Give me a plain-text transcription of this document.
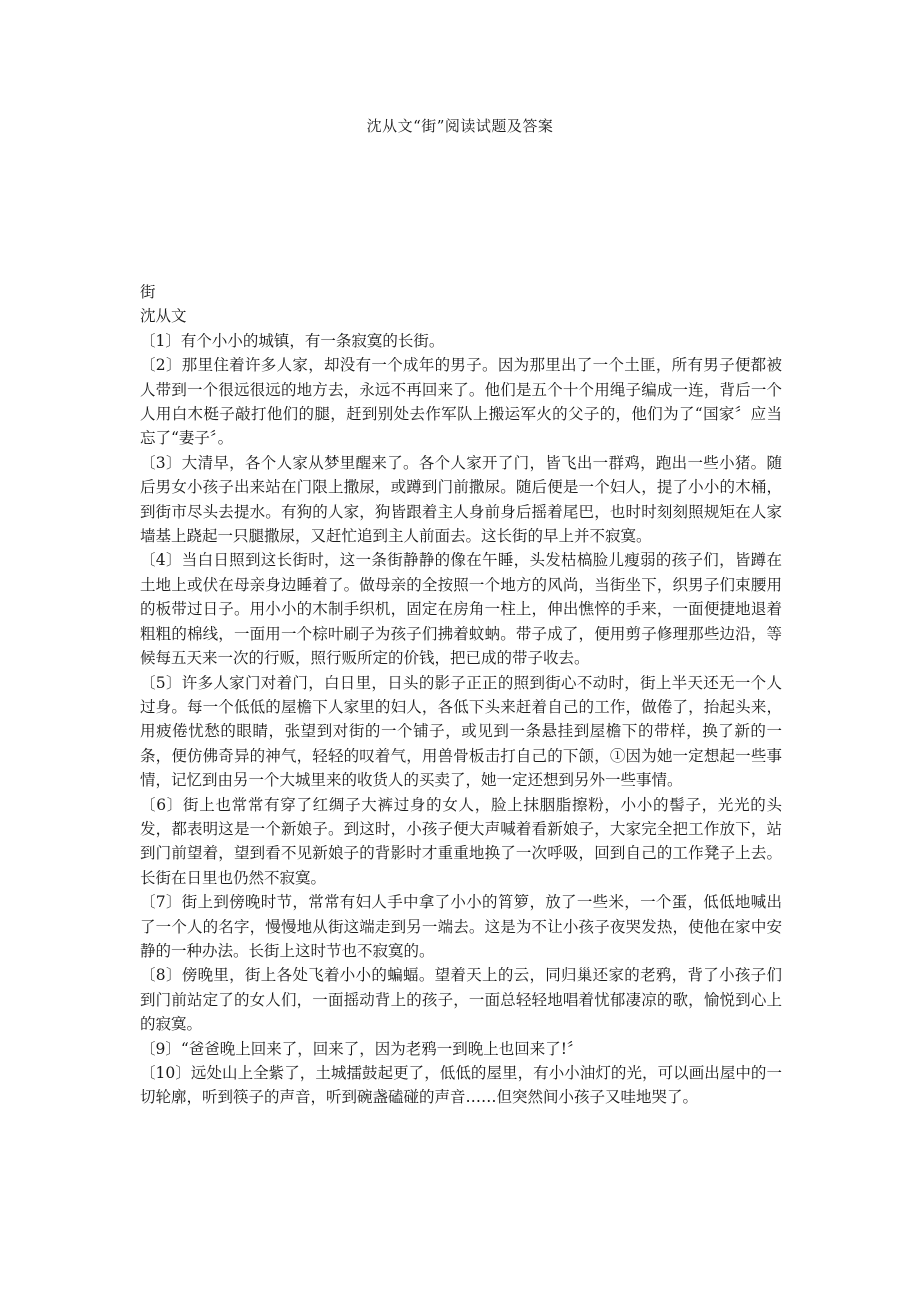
沈从文“街”阅读试题及答案
街
沈从文

〔1〕有个小小的城镇，有一条寂寞的长街。

〔2〕那里住着许多人家，却没有一个成年的男子。因为那里出了一个土匪，所有男子便都被人带到一个很远很远的地方去，永远不再回来了。他们是五个十个用绳子编成一连，背后一个人用白木梃子敲打他们的腿，赶到别处去作军队上搬运军火的父子的，他们为了“国家〞应当忘了“妻子〞。

〔3〕大清早，各个人家从梦里醒来了。各个人家开了门，皆飞出一群鸡，跑出一些小猪。随后男女小孩子出来站在门限上撒尿，或蹲到门前撒尿。随后便是一个妇人，提了小小的木桶，到街市尽头去提水。有狗的人家，狗皆跟着主人身前身后摇着尾巴，也时时刻刻照规矩在人家墙基上跷起一只腿撒尿，又赶忙追到主人前面去。这长街的早上并不寂寞。

〔4〕当白日照到这长街时，这一条街静静的像在午睡，头发枯槁脸儿瘦弱的孩子们，皆蹲在土地上或伏在母亲身边睡着了。做母亲的全按照一个地方的风尚，当街坐下，织男子们束腰用的板带过日子。用小小的木制手织机，固定在房角一柱上，伸出憔悴的手来，一面便捷地退着粗粗的棉线，一面用一个棕叶刷子为孩子们拂着蚊蚋。带子成了，便用剪子修理那些边沿，等候每五天来一次的行贩，照行贩所定的价钱，把已成的带子收去。

〔5〕许多人家门对着门，白日里，日头的影子正正的照到街心不动时，街上半天还无一个人过身。每一个低低的屋檐下人家里的妇人，各低下头来赶着自己的工作，做倦了，抬起头来，用疲倦忧愁的眼睛，张望到对街的一个铺子，或见到一条悬挂到屋檐下的带样，换了新的一条，便仿佛奇异的神气，轻轻的叹着气，用兽骨板击打自己的下颌，①因为她一定想起一些事情，记忆到由另一个大城里来的收货人的买卖了，她一定还想到另外一些事情。

〔6〕街上也常常有穿了红绸子大裤过身的女人，脸上抹胭脂擦粉，小小的髻子，光光的头发，都表明这是一个新娘子。到这时，小孩子便大声喊着看新娘子，大家完全把工作放下，站到门前望着，望到看不见新娘子的背影时才重重地换了一次呼吸，回到自己的工作凳子上去。长街在日里也仍然不寂寞。

〔7〕街上到傍晚时节，常常有妇人手中拿了小小的筲箩，放了一些米，一个蛋，低低地喊出了一个人的名字，慢慢地从街这端走到另一端去。这是为不让小孩子夜哭发热，使他在家中安静的一种办法。长街上这时节也不寂寞的。

〔8〕傍晚里，街上各处飞着小小的蝙蝠。望着天上的云，同归巢还家的老鸦，背了小孩子们到门前站定了的女人们，一面摇动背上的孩子，一面总轻轻地唱着忧郁凄凉的歌，愉悦到心上的寂寞。

〔9〕“爸爸晚上回来了，回来了，因为老鸦一到晚上也回来了!〞

〔10〕远处山上全紫了，土城擂鼓起更了，低低的屋里，有小小油灯的光，可以画出屋中的一切轮廓，听到筷子的声音，听到碗盏磕碰的声音……但突然间小孩子又哇地哭了。
